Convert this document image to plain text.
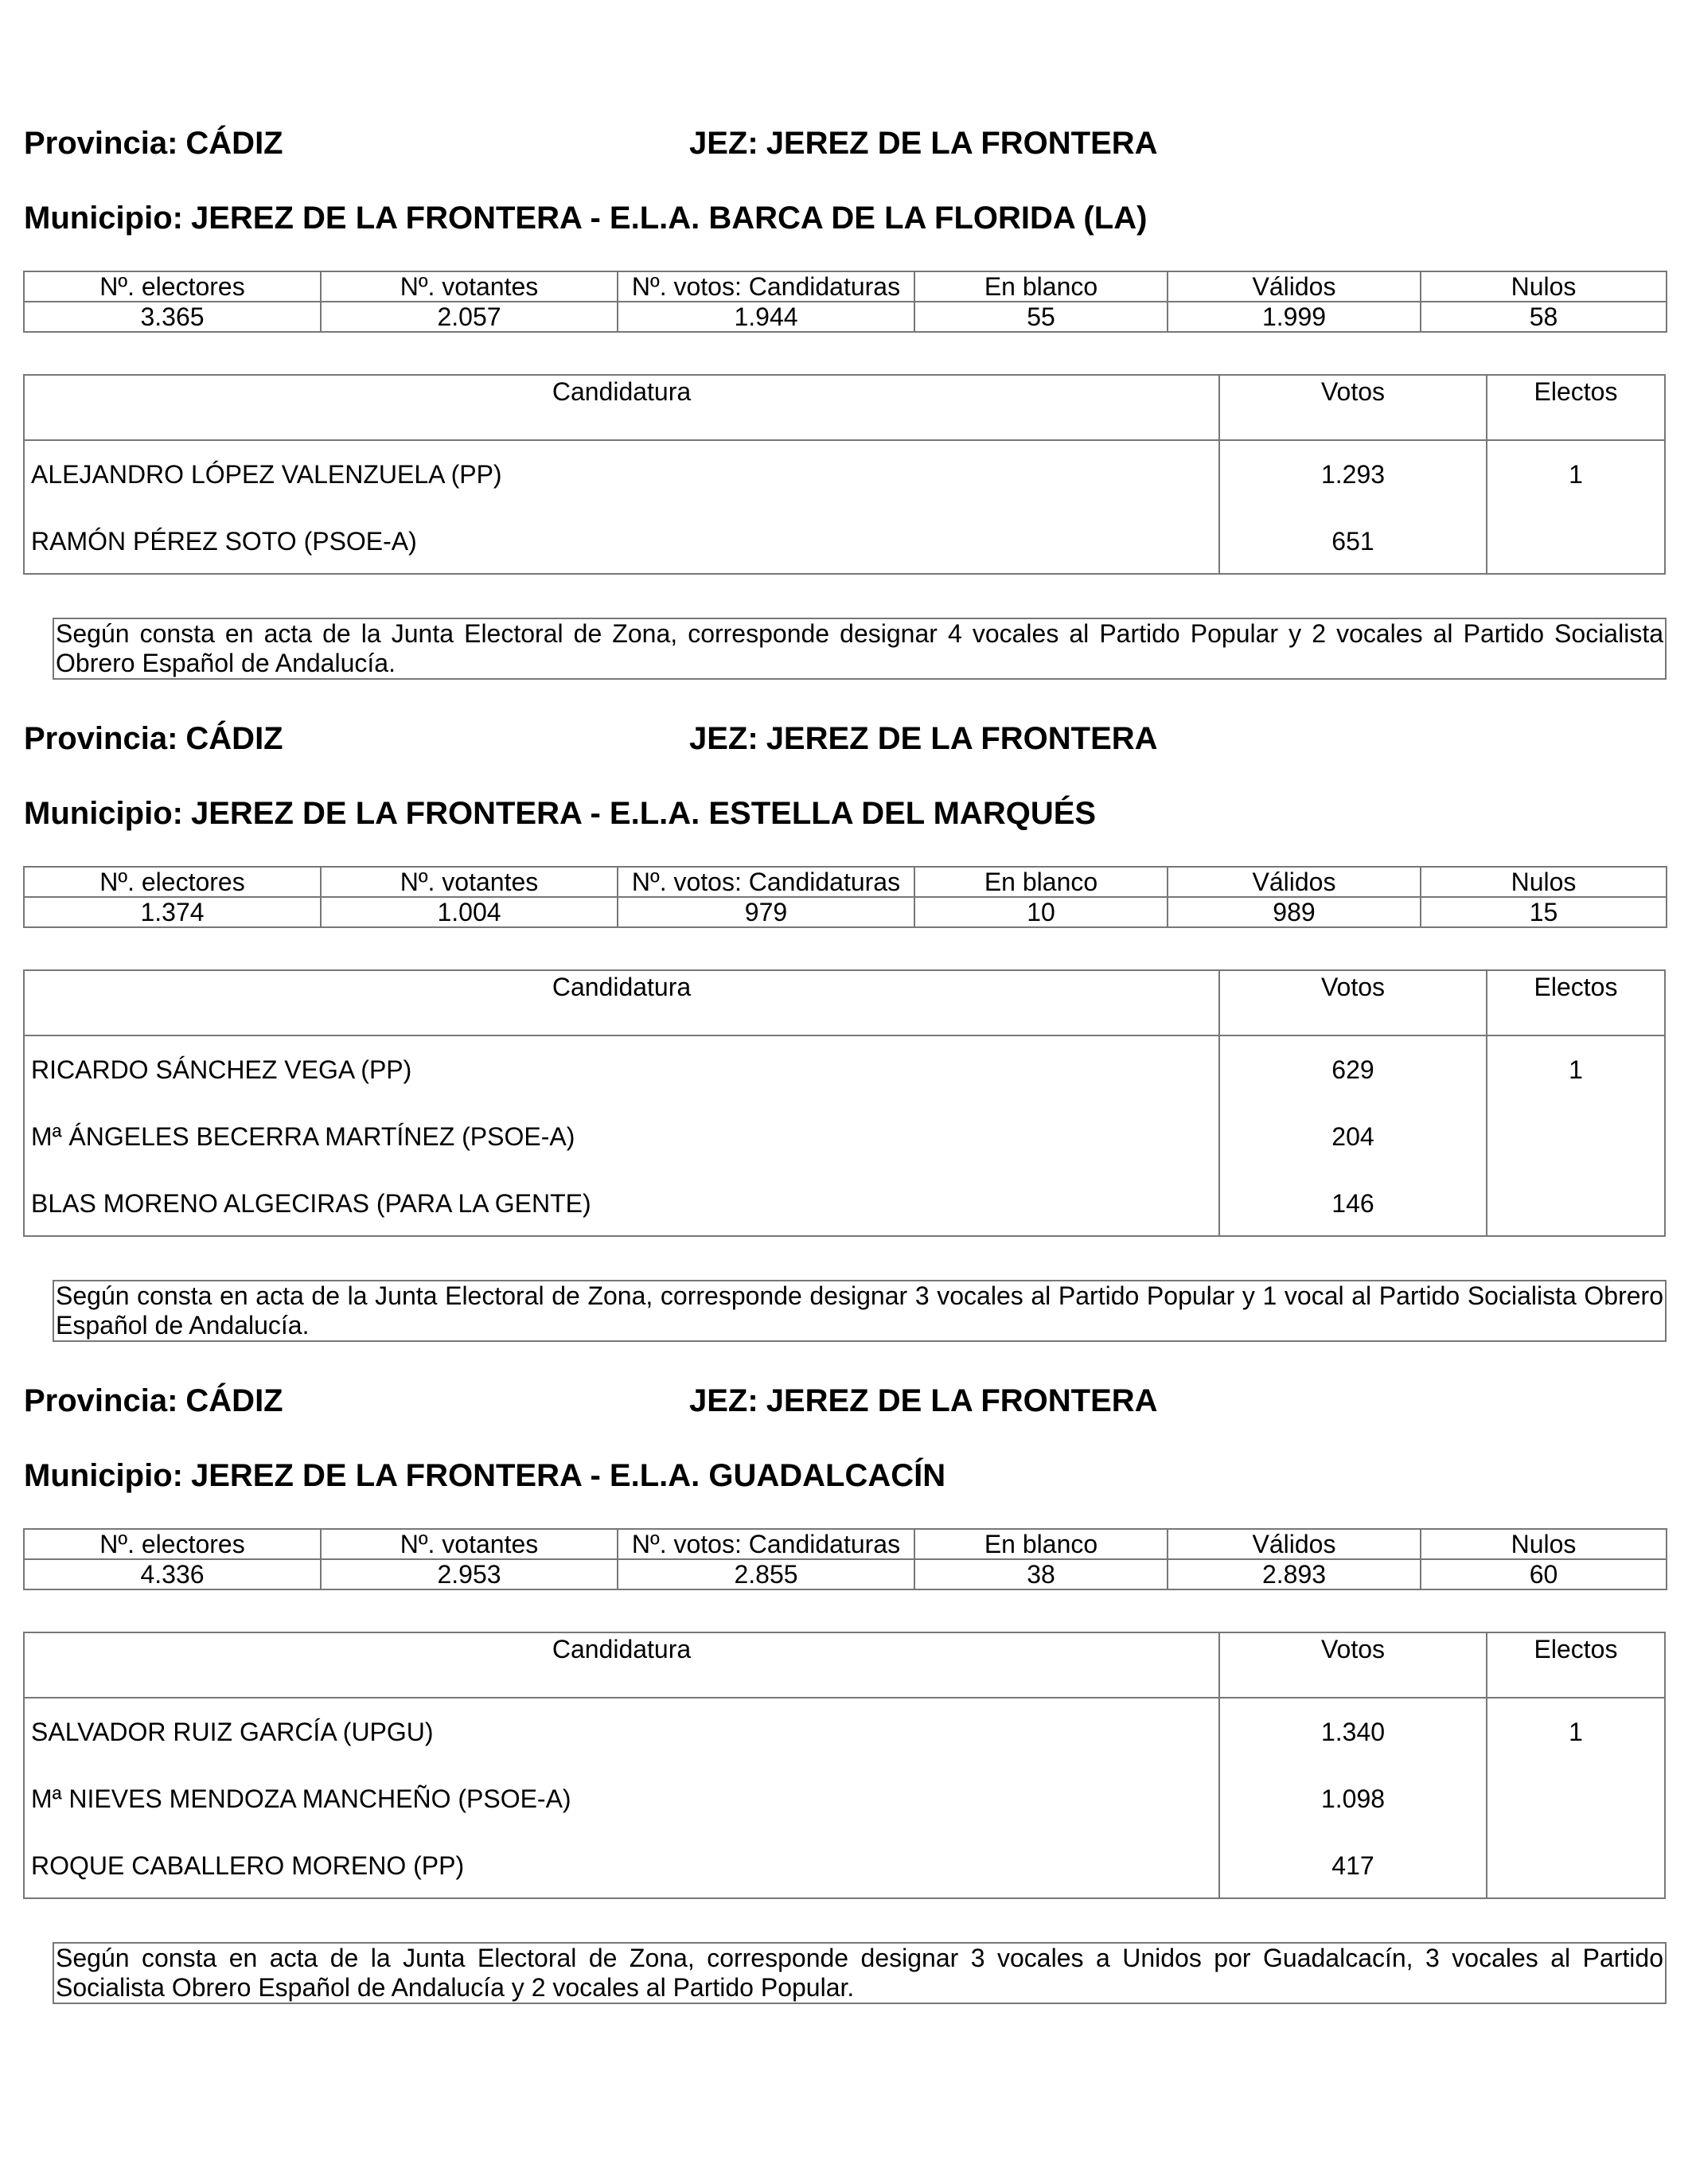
Provincia: CÁDIZ	JEZ: JEREZ DE LA FRONTERA
Municipio: JEREZ DE LA FRONTERA - E.L.A. BARCA DE LA FLORIDA (LA)
Nº. electores	Nº. votantes	Nº. votos: Candidaturas	En blanco	Válidos	Nulos
3.365	2.057	1.944	55	1.999	58
Candidatura	Votos	Electos
ALEJANDRO LÓPEZ VALENZUELA (PP)	1.293	1
RAMÓN PÉREZ SOTO (PSOE-A)	651
Según consta en acta de la Junta Electoral de Zona, corresponde designar 4 vocales al Partido Popular y 2 vocales al Partido Socialista Obrero Español de Andalucía.
Provincia: CÁDIZ	JEZ: JEREZ DE LA FRONTERA
Municipio: JEREZ DE LA FRONTERA - E.L.A. ESTELLA DEL MARQUÉS
Nº. electores	Nº. votantes	Nº. votos: Candidaturas	En blanco	Válidos	Nulos
1.374	1.004	979	10	989	15
Candidatura	Votos	Electos
RICARDO SÁNCHEZ VEGA (PP)	629	1
Mª ÁNGELES BECERRA MARTÍNEZ (PSOE-A)	204
BLAS MORENO ALGECIRAS (PARA LA GENTE)	146
Según consta en acta de la Junta Electoral de Zona, corresponde designar 3 vocales al Partido Popular y 1 vocal al Partido Socialista Obrero Español de Andalucía.
Provincia: CÁDIZ	JEZ: JEREZ DE LA FRONTERA
Municipio: JEREZ DE LA FRONTERA - E.L.A. GUADALCACÍN
Nº. electores	Nº. votantes	Nº. votos: Candidaturas	En blanco	Válidos	Nulos
4.336	2.953	2.855	38	2.893	60
Candidatura	Votos	Electos
SALVADOR RUIZ GARCÍA (UPGU)	1.340	1
Mª NIEVES MENDOZA MANCHEÑO (PSOE-A)	1.098
ROQUE CABALLERO MORENO (PP)	417
Según consta en acta de la Junta Electoral de Zona, corresponde designar 3 vocales a Unidos por Guadalcacín, 3 vocales al Partido Socialista Obrero Español de Andalucía y 2 vocales al Partido Popular.
